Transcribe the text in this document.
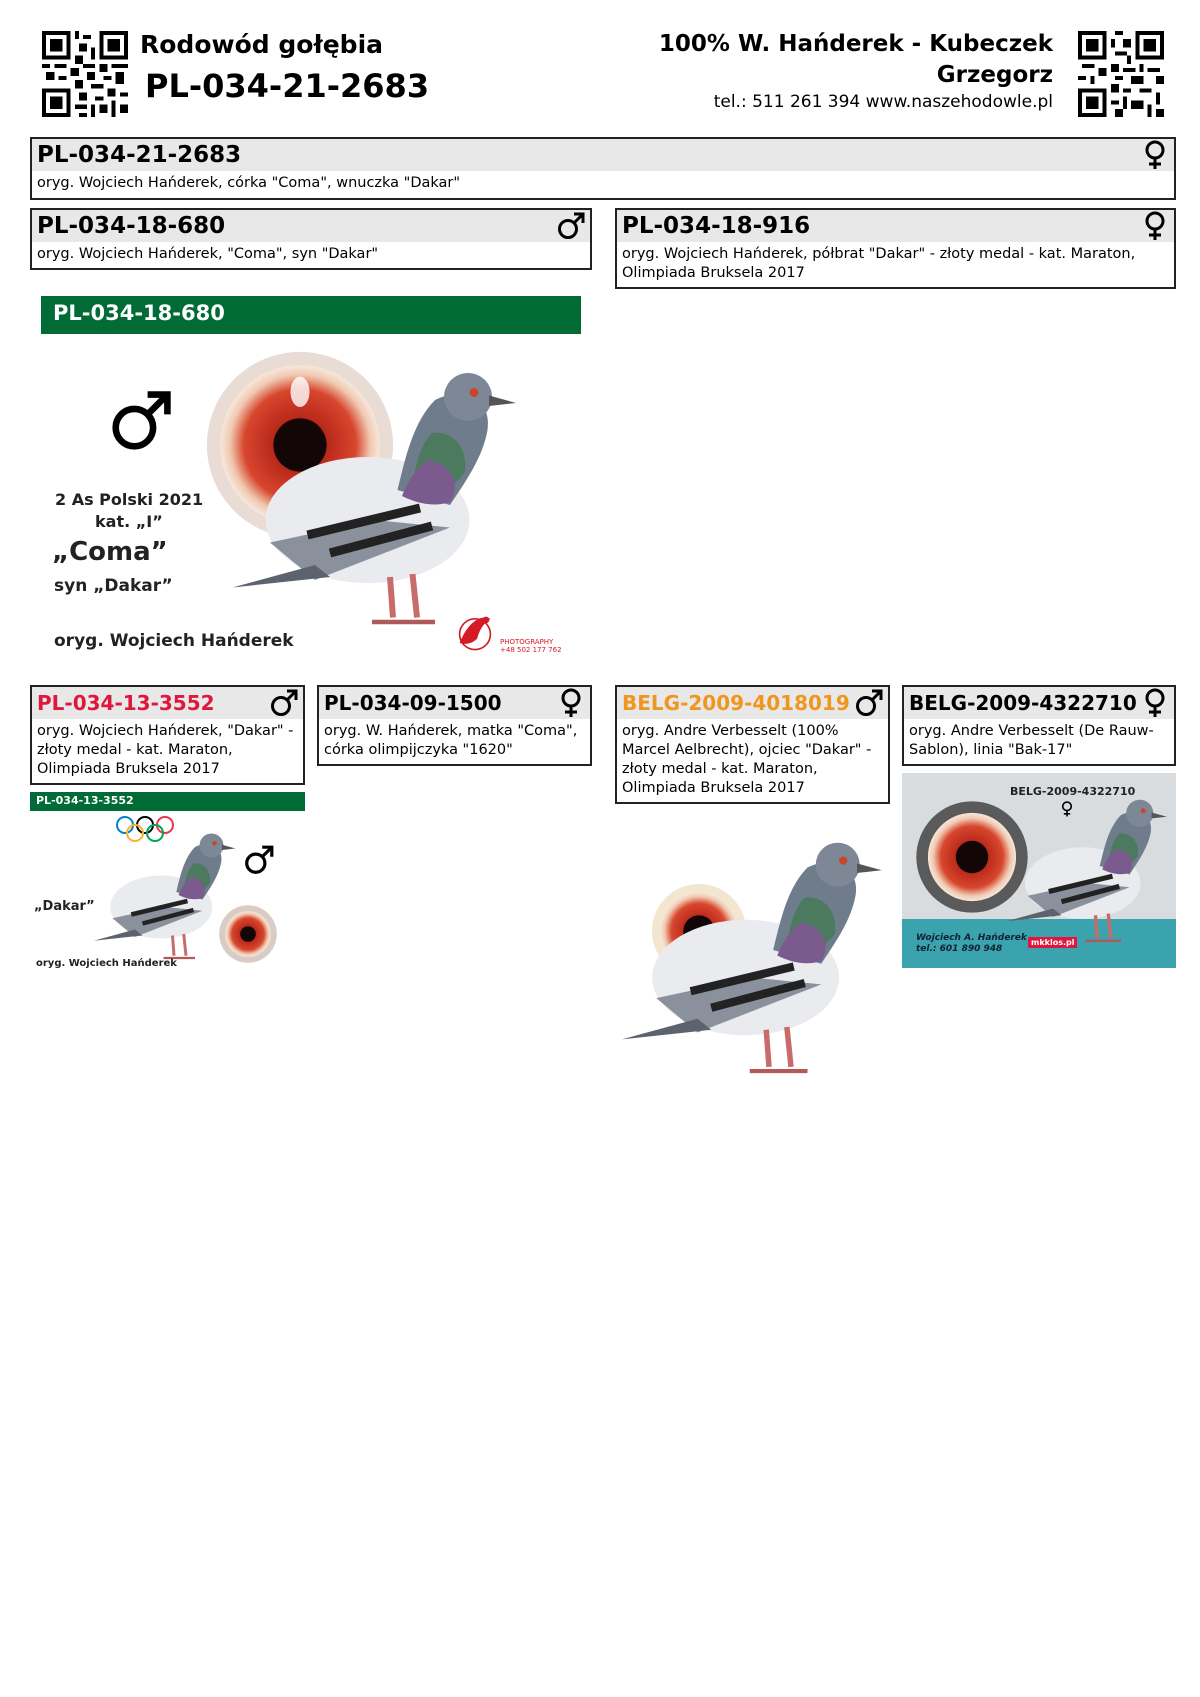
Rodowód gołębia
PL-034-21-2683
100% W. Hańderek - Kubeczek
Grzegorz
tel.: 511 261 394 www.naszehodowle.pl
PL-034-21-2683
oryg. Wojciech Hańderek, córka "Coma", wnuczka "Dakar"
PL-034-18-680
oryg. Wojciech Hańderek, "Coma", syn "Dakar"
PL-034-18-916
oryg. Wojciech Hańderek, półbrat "Dakar" - złoty medal - kat. Maraton, Olimpiada Bruksela 2017
PL-034-18-680
2 As Polski 2021
kat. „I”
„Coma”
syn „Dakar”
oryg. Wojciech Hańderek	PHOTOGRAPHY
+48 502 177 762
PL-034-13-3552
oryg. Wojciech Hańderek, "Dakar" - złoty medal - kat. Maraton, Olimpiada Bruksela 2017
PL-034-09-1500
oryg. W. Hańderek, matka "Coma", córka olimpijczyka "1620"
BELG-2009-4018019
oryg. Andre Verbesselt (100% Marcel Aelbrecht), ojciec "Dakar" - złoty medal - kat. Maraton, Olimpiada Bruksela 2017
BELG-2009-4322710
oryg. Andre Verbesselt (De Rauw-Sablon), linia "Bak-17"
PL-034-13-3552
„Dakar”
oryg. Wojciech Hańderek
BELG-2009-4322710
Wojciech A. Hańderek
tel.: 601 890 948
mkklos.pl
